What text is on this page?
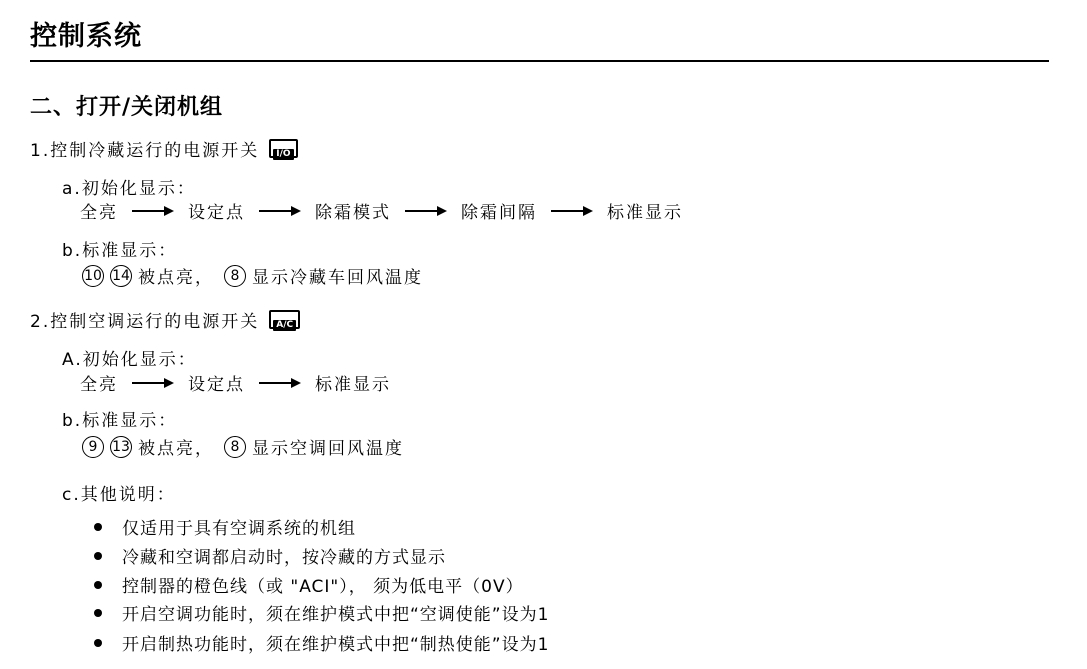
控制系统
二、打开/关闭机组
1.控制冷藏运行的电源开关	I/O
a.初始化显示：
全亮	设定点	除霜模式	除霜间隔	标准显示
b.标准显示：
10 14 被点亮，	8 显示冷藏车回风温度
2.控制空调运行的电源开关	A/C
A.初始化显示：
全亮	设定点	标准显示
b.标准显示：
9	13 被点亮，	8 显示空调回风温度
c.其他说明：
仅适用于具有空调系统的机组
冷藏和空调都启动时，按冷藏的方式显示
控制器的橙色线（或 "ACI"）， 须为低电平（0V）
开启空调功能时，须在维护模式中把“空调使能”设为1
开启制热功能时，须在维护模式中把“制热使能”设为1
